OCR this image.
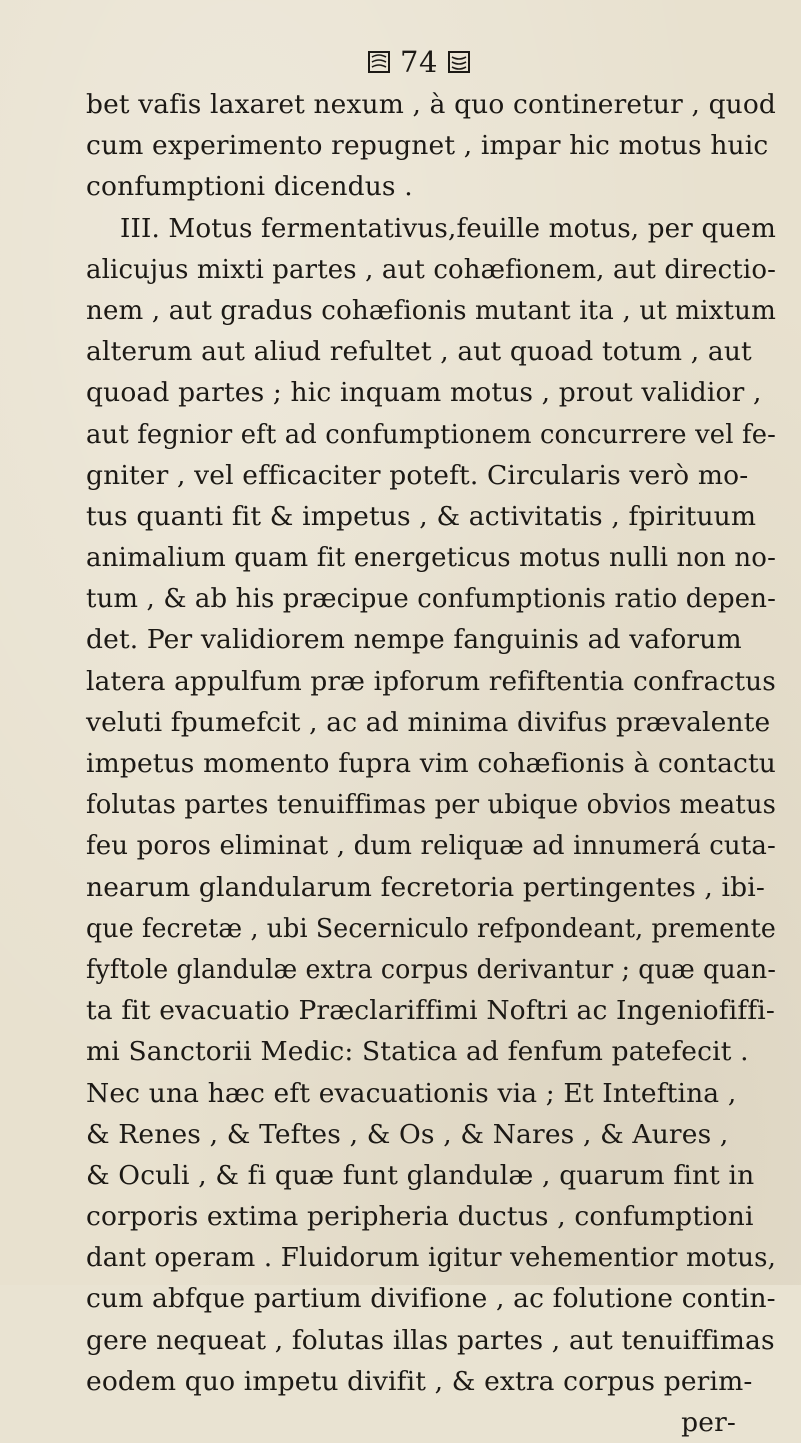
74
bet vafis laxaret nexum , à quo contineretur , quod
cum experimento repugnet , impar hic motus huic
confumptioni dicendus .
III. Motus fermentativus,feuille motus, per quem
alicujus mixti partes , aut cohæfionem, aut directio-
nem , aut gradus cohæfionis mutant ita , ut mixtum
alterum aut aliud refultet , aut quoad totum , aut
quoad partes ; hic inquam motus , prout validior ,
aut fegnior eft ad confumptionem concurrere vel fe-
gniter , vel efficaciter poteft. Circularis verò mo-
tus quanti fit & impetus , & activitatis , fpirituum
animalium quam fit energeticus motus nulli non no-
tum , & ab his præcipue confumptionis ratio depen-
det. Per validiorem nempe fanguinis ad vaforum
latera appulfum præ ipforum refiftentia confractus
veluti fpumefcit , ac ad minima divifus prævalente
impetus momento fupra vim cohæfionis à contactu
folutas partes tenuiffimas per ubique obvios meatus
feu poros eliminat , dum reliquæ ad innumerá cuta-
nearum glandularum fecretoria pertingentes , ibi-
que fecretæ , ubi Secerniculo refpondeant, premente
fyftole glandulæ extra corpus derivantur ; quæ quan-
ta fit evacuatio Præclariffimi Noftri ac Ingeniofiffi-
mi Sanctorii Medic: Statica ad fenfum patefecit .
Nec una hæc eft evacuationis via ; Et Inteftina ,
& Renes , & Teftes , & Os , & Nares , & Aures ,
& Oculi , & fi quæ funt glandulæ , quarum fint in
corporis extima peripheria ductus , confumptioni
dant operam . Fluidorum igitur vehementior motus,
cum abfque partium divifione , ac folutione contin-
gere nequeat , folutas illas partes , aut tenuiffimas
eodem quo impetu divifit , & extra corpus perim-
per-
